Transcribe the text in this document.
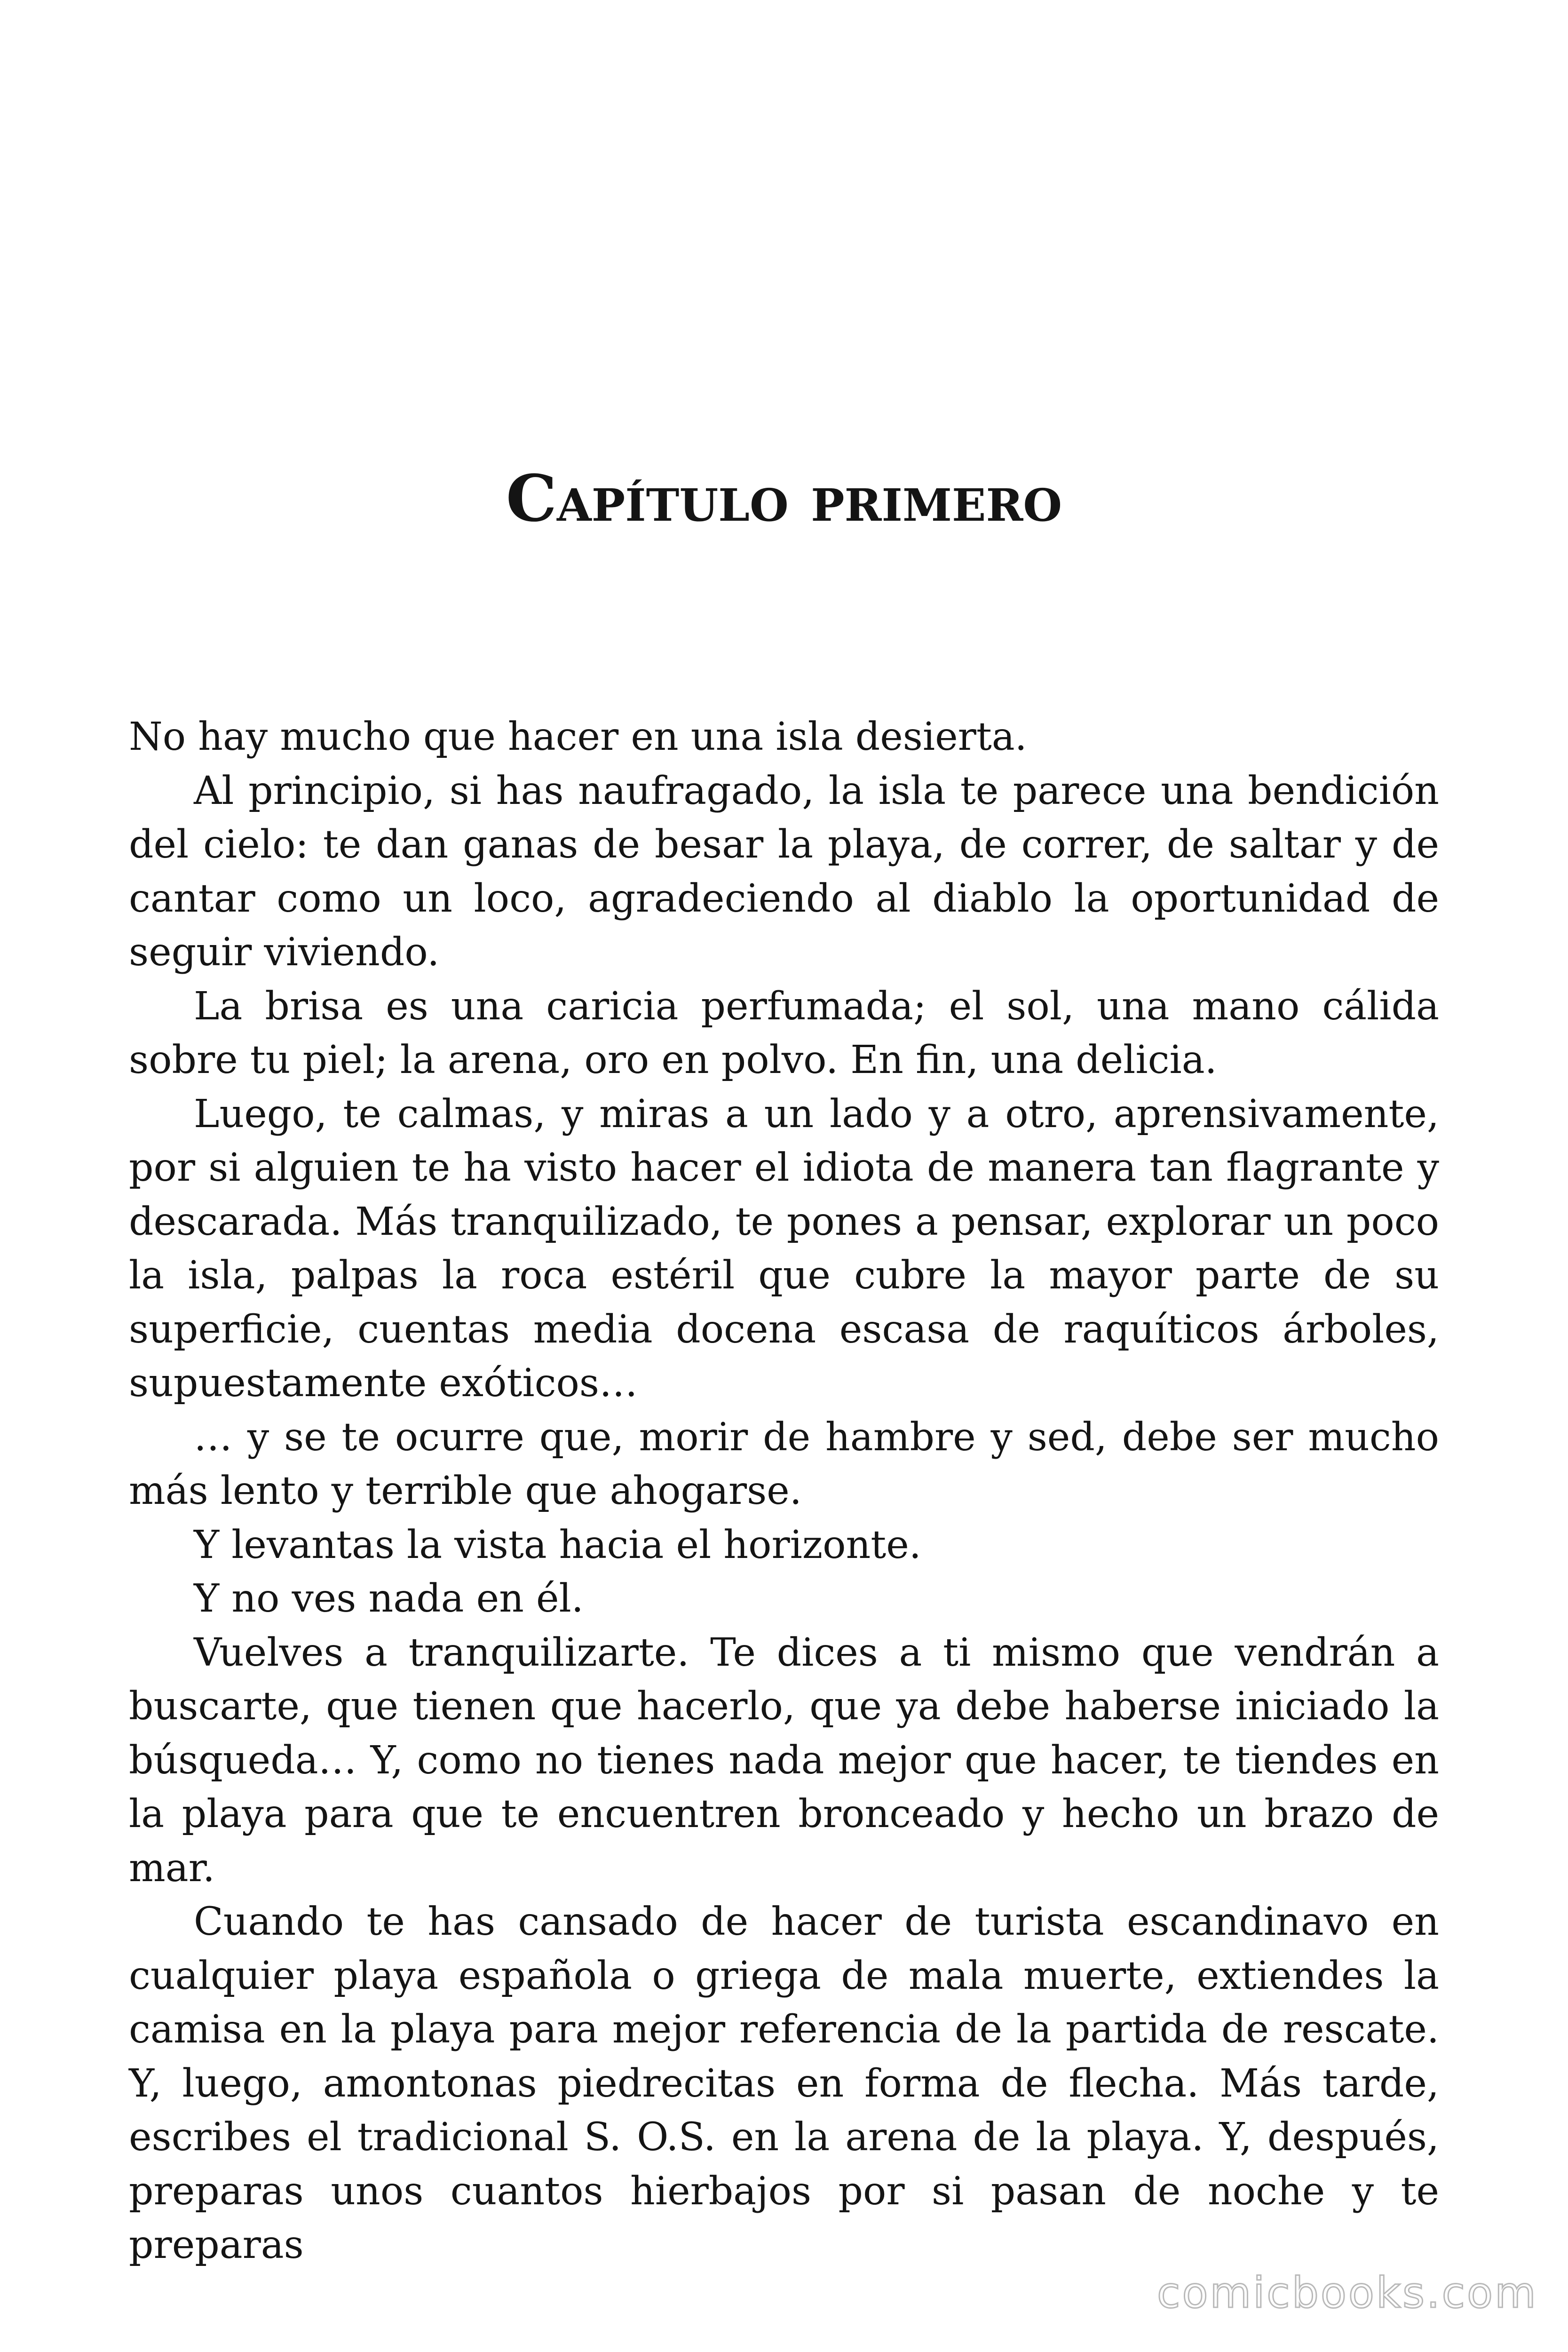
Capítulo primero

No hay mucho que hacer en una isla desierta.

Al principio, si has naufragado, la isla te parece una bendición del cielo: te dan ganas de besar la playa, de correr, de saltar y de cantar como un loco, agradeciendo al diablo la oportunidad de seguir viviendo.

La brisa es una caricia perfumada; el sol, una mano cálida sobre tu piel; la arena, oro en polvo. En fin, una delicia.

Luego, te calmas, y miras a un lado y a otro, aprensivamente, por si alguien te ha visto hacer el idiota de manera tan flagrante y descarada. Más tranquilizado, te pones a pensar, explorar un poco la isla, palpas la roca estéril que cubre la mayor parte de su superficie, cuentas media docena escasa de raquíticos árboles, supuestamente exóticos…

… y se te ocurre que, morir de hambre y sed, debe ser mucho más lento y terrible que ahogarse.

Y levantas la vista hacia el horizonte.

Y no ves nada en él.

Vuelves a tranquilizarte. Te dices a ti mismo que vendrán a buscarte, que tienen que hacerlo, que ya debe haberse iniciado la búsqueda… Y, como no tienes nada mejor que hacer, te tiendes en la playa para que te encuentren bronceado y hecho un brazo de mar.

Cuando te has cansado de hacer de turista escandinavo en cualquier playa española o griega de mala muerte, extiendes la camisa en la playa para mejor referencia de la partida de rescate. Y, luego, amontonas piedrecitas en forma de flecha. Más tarde, escribes el tradicional S. O.S. en la arena de la playa. Y, después, preparas unos cuantos hierbajos por si pasan de noche y te preparas

comicbooks.com
